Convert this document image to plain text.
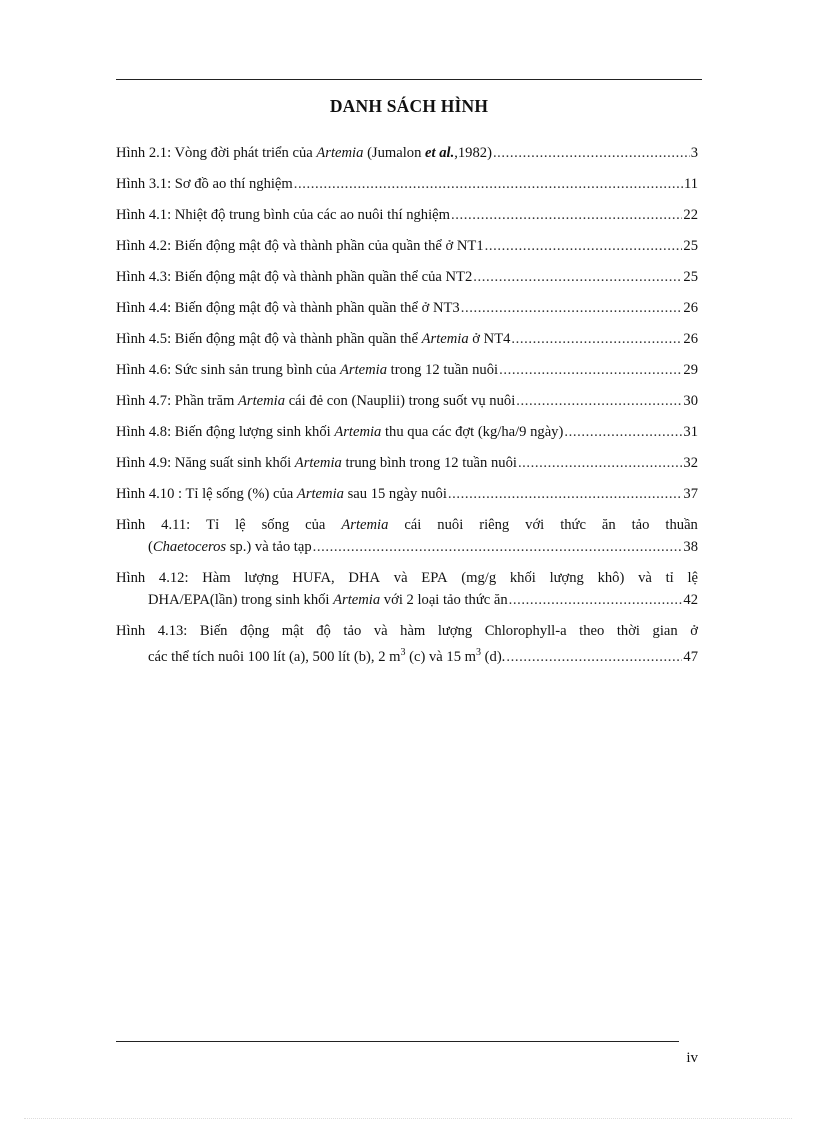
DANH SÁCH HÌNH
Hình 2.1: Vòng đời phát triển của Artemia (Jumalon et al.,1982) .....	3
Hình 3.1: Sơ đồ ao thí nghiệm .....	11
Hình 4.1: Nhiệt độ trung bình của các ao nuôi thí nghiệm .....	22
Hình 4.2: Biến động mật độ và thành phần của quần thể ở NT1 .....	25
Hình 4.3: Biến động mật độ và thành phần quần thể của NT2 .....	25
Hình 4.4: Biến động mật độ và thành phần quần thể ở NT3 .....	26
Hình 4.5: Biến động mật độ và thành phần quần thể Artemia ở NT4 .....	26
Hình 4.6: Sức sinh sản trung bình của Artemia trong 12 tuần nuôi .....	29
Hình 4.7: Phần trăm Artemia cái đẻ con (Nauplii) trong suốt vụ nuôi .....	30
Hình 4.8: Biến động lượng sinh khối Artemia thu qua các đợt (kg/ha/9 ngày) .....	31
Hình 4.9: Năng suất sinh khối Artemia trung bình trong 12 tuần nuôi .....	32
Hình 4.10 : Tỉ lệ sống (%) của Artemia sau 15 ngày nuôi .....	37
Hình 4.11: Tỉ lệ sống của Artemia cái nuôi riêng với thức ăn tảo thuần
(Chaetoceros sp.) và tảo tạp .....	38
Hình 4.12: Hàm lượng HUFA, DHA và EPA (mg/g khối lượng khô) và tỉ lệ
DHA/EPA(lần) trong sinh khối Artemia với 2 loại tảo thức ăn .....	42
Hình 4.13: Biến động mật độ tảo và hàm lượng Chlorophyll-a theo thời gian ở
các thể tích nuôi 100 lít (a), 500 lít (b), 2 $m^3$ (c) và 15 $m^3$ (d). .....	47
iv
